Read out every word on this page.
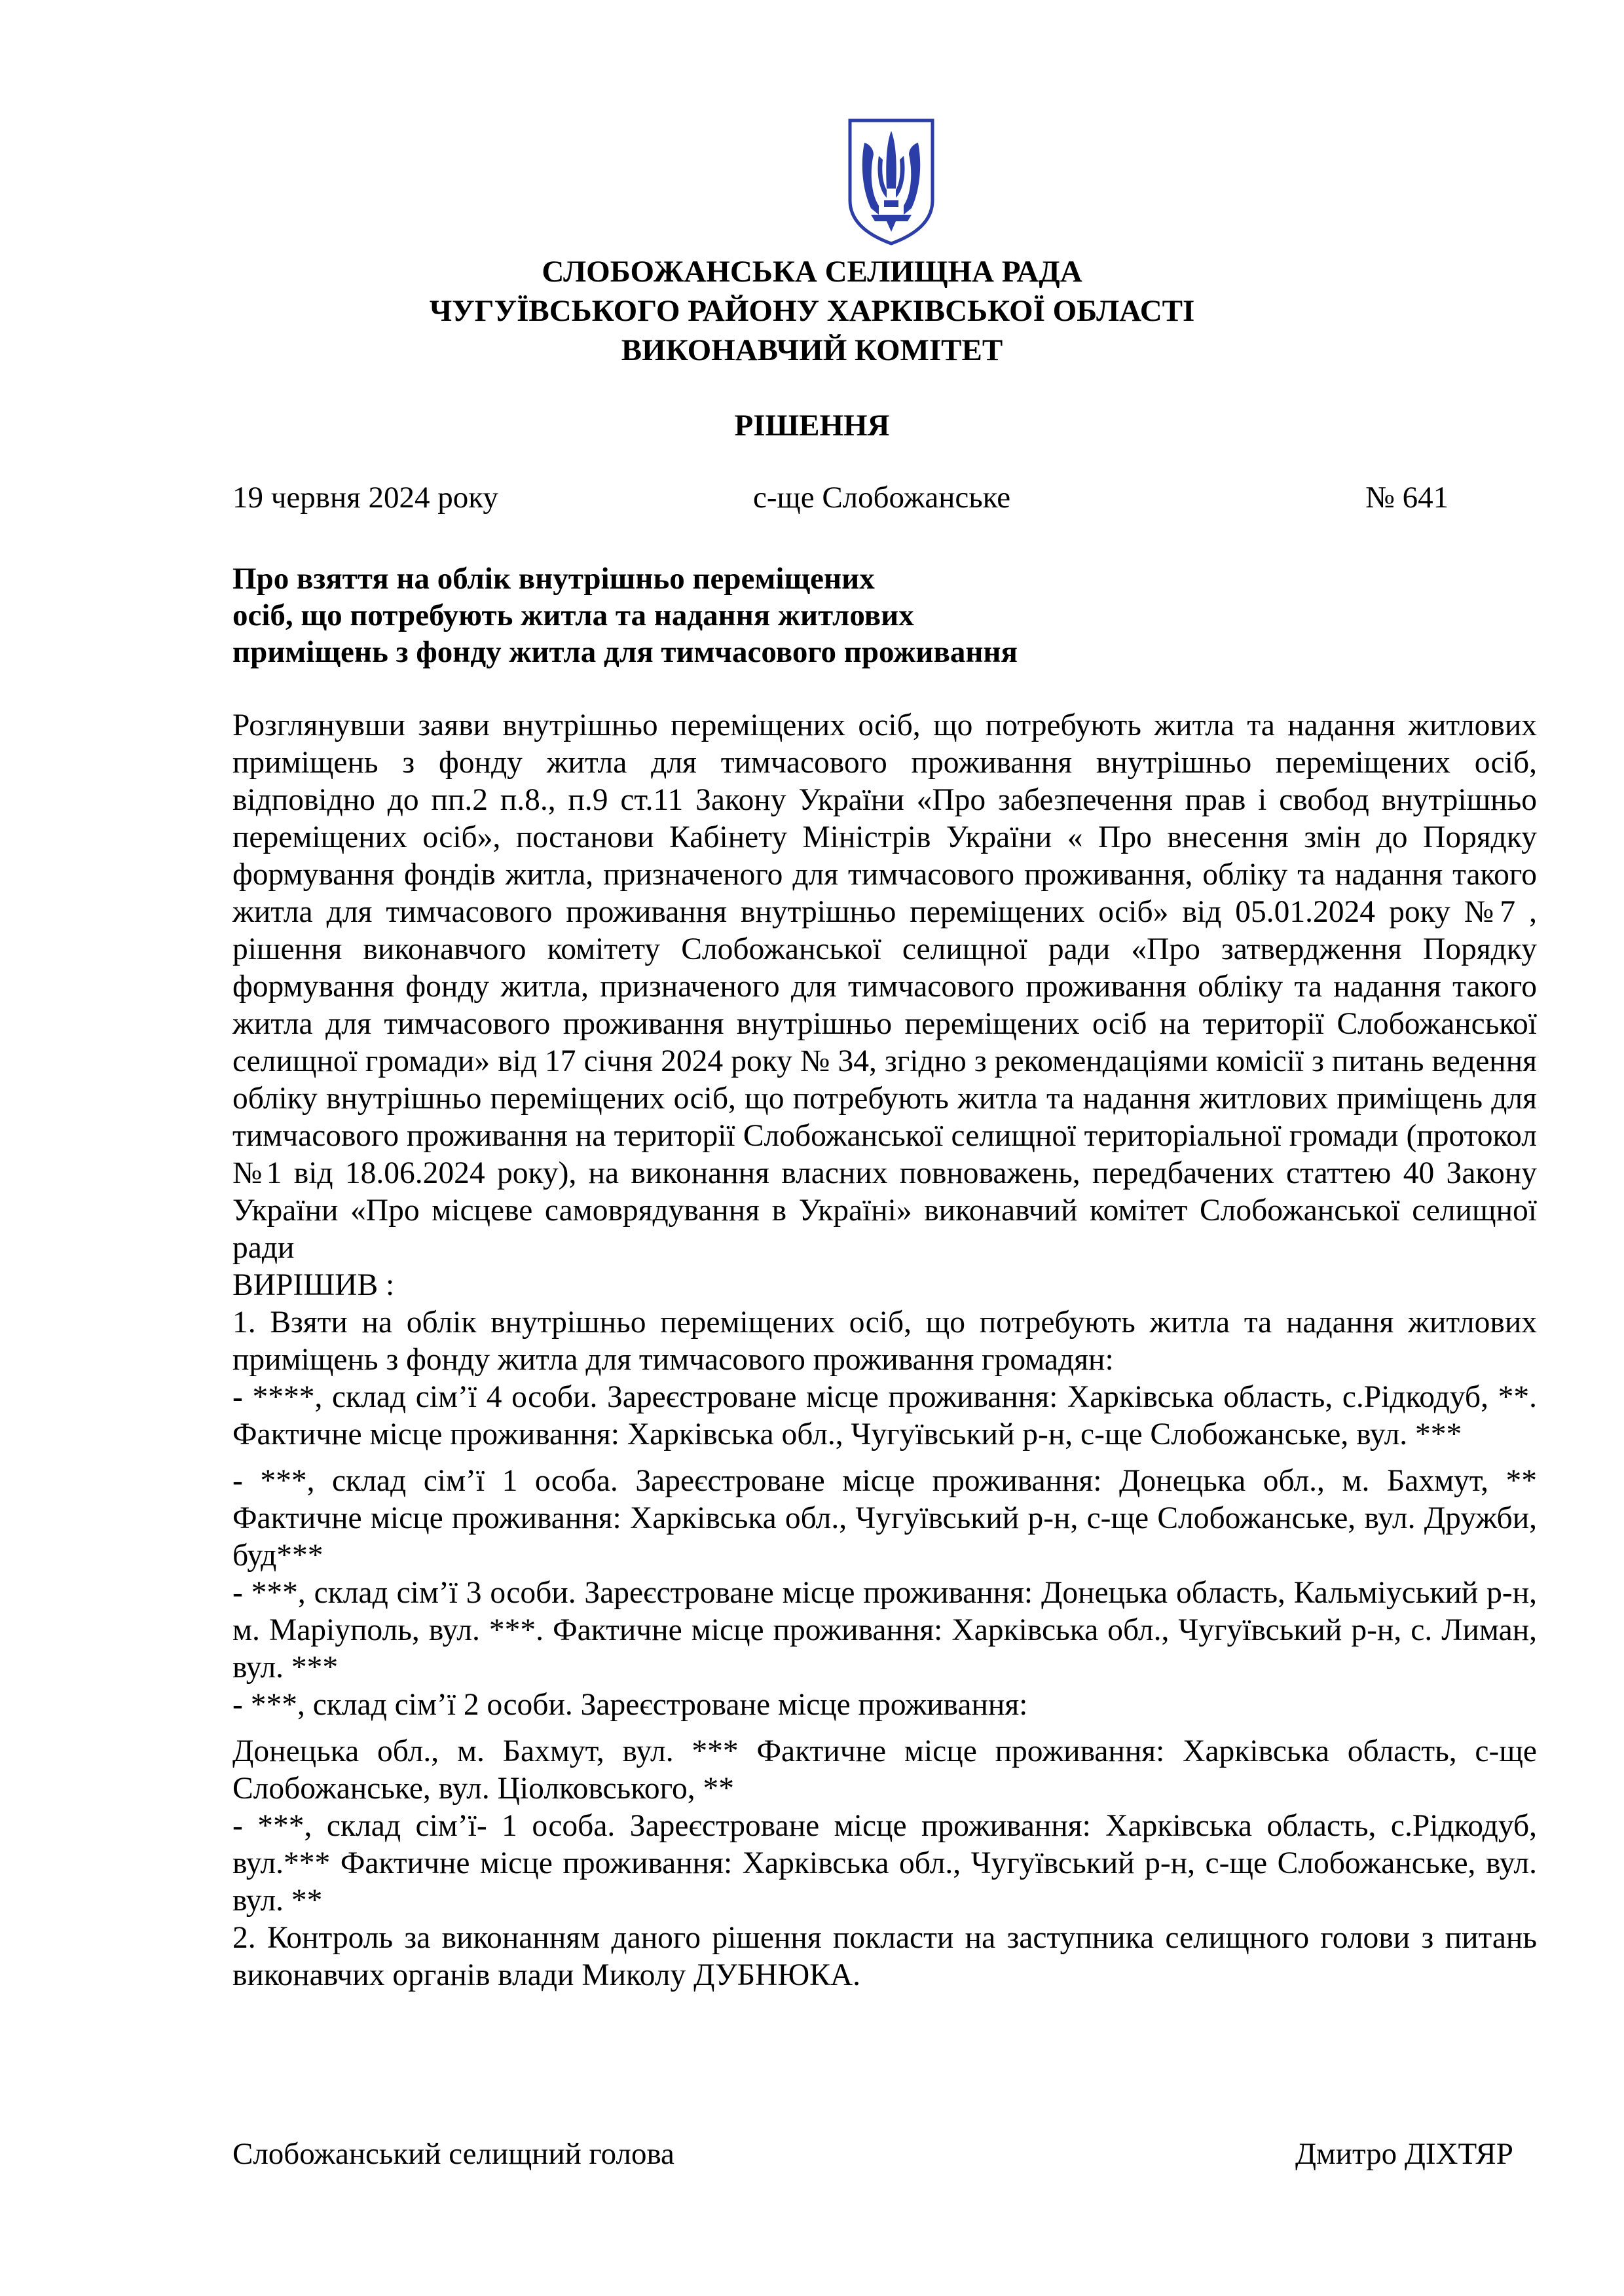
СЛОБОЖАНСЬКА СЕЛИЩНА РАДА
ЧУГУЇВСЬКОГО РАЙОНУ ХАРКІВСЬКОЇ ОБЛАСТІ
ВИКОНАВЧИЙ КОМІТЕТ
РІШЕННЯ
19 червня 2024 року	с-ще Слобожанське	№ 641
Про взяття на облік внутрішньо переміщених
осіб, що потребують житла та надання житлових
приміщень з фонду житла для тимчасового проживання

Розглянувши заяви внутрішньо переміщених осіб, що потребують житла та надання житлових приміщень з фонду житла для тимчасового проживання внутрішньо переміщених осіб, відповідно до пп.2 п.8., п.9 ст.11 Закону України «Про забезпечення прав і свобод внутрішньо переміщених осіб», постанови Кабінету Міністрів України « Про внесення змін до Порядку формування фондів житла, призначеного для тимчасового проживання, обліку та надання такого житла для тимчасового проживання внутрішньо переміщених осіб» від 05.01.2024 року №7 , рішення виконавчого комітету Слобожанської селищної ради «Про затвердження Порядку формування фонду житла, призначеного для тимчасового проживання обліку та надання такого житла для тимчасового проживання внутрішньо переміщених осіб на території Слобожанської селищної громади» від 17 січня 2024 року № 34, згідно з рекомендаціями комісії з питань ведення обліку внутрішньо переміщених осіб, що потребують житла та надання житлових приміщень для тимчасового проживання на території Слобожанської селищної територіальної громади (протокол №1 від 18.06.2024 року), на виконання власних повноважень, передбачених статтею 40 Закону України «Про місцеве самоврядування в Україні» виконавчий комітет Слобожанської селищної ради

ВИРІШИВ :

1. Взяти на облік внутрішньо переміщених осіб, що потребують житла та надання житлових приміщень з фонду житла для тимчасового проживання громадян:

- ****, склад сім’ї 4 особи. Зареєстроване місце проживання: Харківська область, с.Рідкодуб, **. Фактичне місце проживання: Харківська обл., Чугуївський р-н, с-ще Слобожанське, вул. ***

- ***, склад сім’ї 1 особа. Зареєстроване місце проживання: Донецька обл., м. Бахмут, ** Фактичне місце проживання: Харківська обл., Чугуївський р-н, с-ще Слобожанське, вул. Дружби, буд***

- ***, склад сім’ї 3 особи. Зареєстроване місце проживання: Донецька область, Кальміуський р-н, м. Маріуполь, вул. ***. Фактичне місце проживання: Харківська обл., Чугуївський р-н, с. Лиман, вул. ***

- ***, склад сім’ї 2 особи. Зареєстроване місце проживання:

Донецька обл., м. Бахмут, вул. *** Фактичне місце проживання: Харківська область, с-ще Слобожанське, вул. Ціолковського, **

- ***, склад сім’ї- 1 особа. Зареєстроване місце проживання: Харківська область, с.Рідкодуб, вул.*** Фактичне місце проживання: Харківська обл., Чугуївський р-н, с-ще Слобожанське, вул. вул. **

2. Контроль за виконанням даного рішення покласти на заступника селищного голови з питань виконавчих органів влади Миколу ДУБНЮКА.

Слобожанський селищний голова	Дмитро ДІХТЯР
